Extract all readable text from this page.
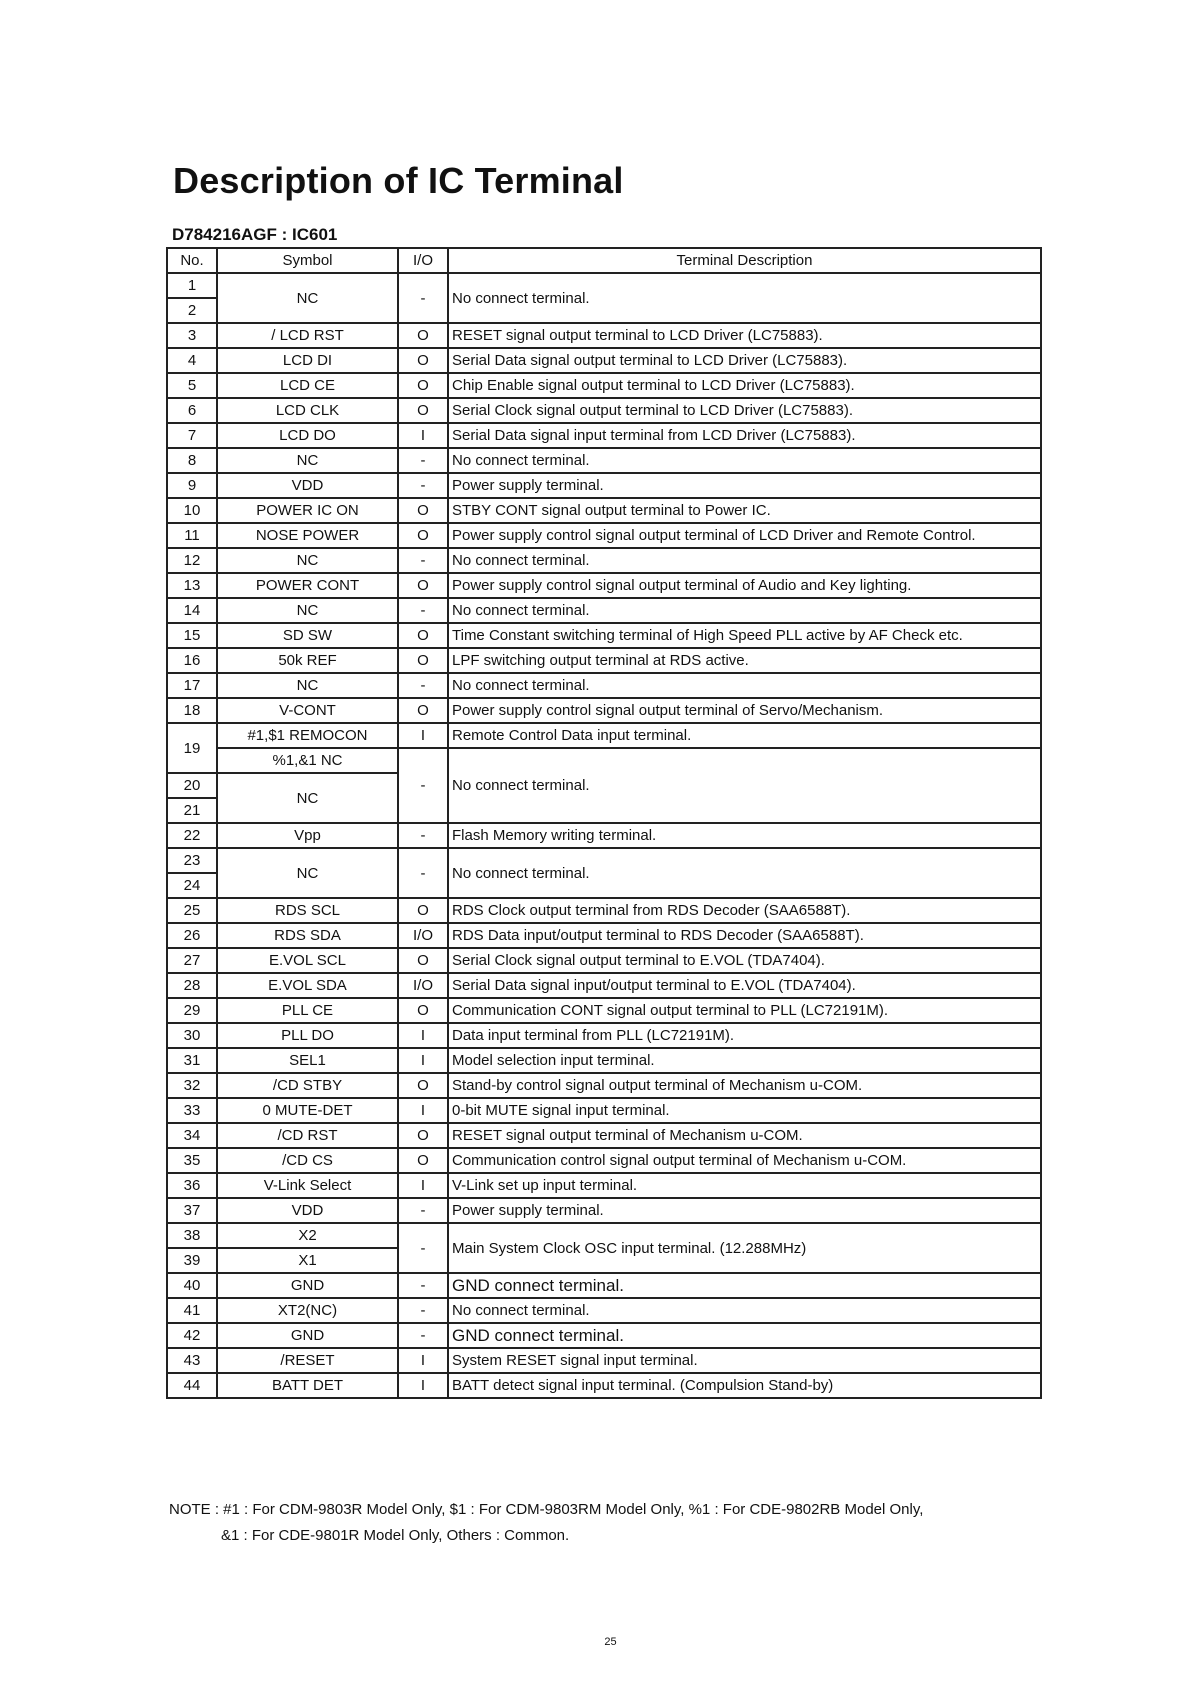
Description of IC Terminal
D784216AGF : IC601
No.	Symbol	I/O	Terminal Description
1	NC	-	No connect terminal.
2			
3	/ LCD RST	O	RESET signal output terminal to LCD Driver (LC75883).
4	LCD DI	O	Serial Data signal output terminal to LCD Driver (LC75883).
5	LCD CE	O	Chip Enable signal output terminal to LCD Driver (LC75883).
6	LCD CLK	O	Serial Clock signal output terminal to LCD Driver (LC75883).
7	LCD DO	I	Serial Data signal input terminal from LCD Driver (LC75883).
8	NC	-	No connect terminal.
9	VDD	-	Power supply terminal.
10	POWER IC ON	O	STBY CONT signal output terminal to Power IC.
11	NOSE POWER	O	Power supply control signal output terminal of LCD Driver and Remote Control.
12	NC	-	No connect terminal.
13	POWER CONT	O	Power supply control signal output terminal of Audio and Key lighting.
14	NC	-	No connect terminal.
15	SD SW	O	Time Constant switching terminal of High Speed PLL active by AF Check etc.
16	50k REF	O	LPF switching output terminal at RDS active.
17	NC	-	No connect terminal.
18	V-CONT	O	Power supply control signal output terminal of Servo/Mechanism.
19	#1,$1 REMOCON	I	Remote Control Data input terminal.
	%1,&1 NC	-	No connect terminal.
20	NC		
21			
22	Vpp	-	Flash Memory writing terminal.
23	NC	-	No connect terminal.
24			
25	RDS SCL	O	RDS Clock output terminal from RDS Decoder (SAA6588T).
26	RDS SDA	I/O	RDS Data input/output terminal to RDS Decoder (SAA6588T).
27	E.VOL SCL	O	Serial Clock signal output terminal to E.VOL (TDA7404).
28	E.VOL SDA	I/O	Serial Data signal input/output terminal to E.VOL (TDA7404).
29	PLL CE	O	Communication CONT signal output terminal to PLL (LC72191M).
30	PLL DO	I	Data input terminal from PLL (LC72191M).
31	SEL1	I	Model selection input terminal.
32	/CD STBY	O	Stand-by control signal output terminal of Mechanism u-COM.
33	0 MUTE-DET	I	0-bit MUTE signal input terminal.
34	/CD RST	O	RESET signal output terminal of Mechanism u-COM.
35	/CD CS	O	Communication control signal output terminal of Mechanism u-COM.
36	V-Link Select	I	V-Link set up input terminal.
37	VDD	-	Power supply terminal.
38	X2	-	Main System Clock OSC input terminal. (12.288MHz)
39	X1		
40	GND	-	GND connect terminal.
41	XT2(NC)	-	No connect terminal.
42	GND	-	GND connect terminal.
43	/RESET	I	System RESET signal input terminal.
44	BATT DET	I	BATT detect signal input terminal. (Compulsion Stand-by)
NOTE : #1 : For CDM-9803R Model Only, $1 : For CDM-9803RM Model Only, %1 : For CDE-9802RB Model Only,
&1 : For CDE-9801R Model Only, Others : Common.
25
